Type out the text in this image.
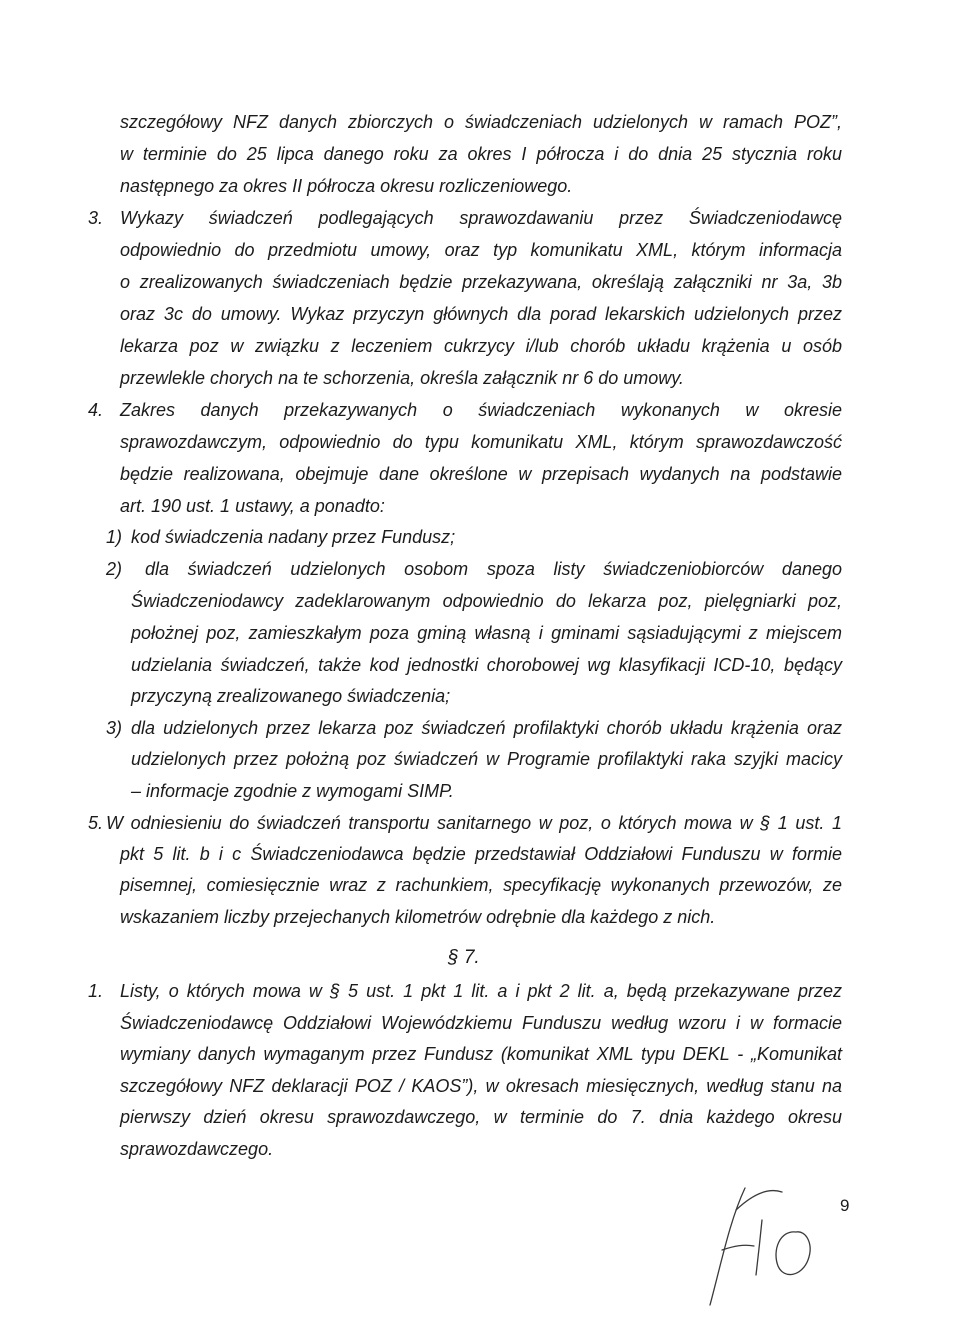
szczegółowy NFZ danych zbiorczych o świadczeniach udzielonych w ramach POZ”,
w terminie do 25 lipca danego roku za okres I półrocza i do dnia 25 stycznia roku
następnego za okres II półrocza okresu rozliczeniowego.
3. Wykazy świadczeń podlegających sprawozdawaniu przez Świadczeniodawcę
odpowiednio do przedmiotu umowy, oraz typ komunikatu XML, którym informacja
o zrealizowanych świadczeniach będzie przekazywana, określają załączniki nr 3a, 3b
oraz 3c do umowy. Wykaz przyczyn głównych dla porad lekarskich udzielonych przez
lekarza poz w związku z leczeniem cukrzycy i/lub chorób układu krążenia u osób
przewlekle chorych na te schorzenia, określa załącznik nr 6 do umowy.
4. Zakres danych przekazywanych o świadczeniach wykonanych w okresie
sprawozdawczym, odpowiednio do typu komunikatu XML, którym sprawozdawczość
będzie realizowana, obejmuje dane określone w przepisach wydanych na podstawie
art. 190 ust. 1 ustawy, a ponadto:
1) kod świadczenia nadany przez Fundusz;
2) dla świadczeń udzielonych osobom spoza listy świadczeniobiorców danego
Świadczeniodawcy zadeklarowanym odpowiednio do lekarza poz, pielęgniarki poz,
położnej poz, zamieszkałym poza gminą własną i gminami sąsiadującymi z miejscem
udzielania świadczeń, także kod jednostki chorobowej wg klasyfikacji ICD-10, będący
przyczyną zrealizowanego świadczenia;
3) dla udzielonych przez lekarza poz świadczeń profilaktyki chorób układu krążenia oraz
udzielonych przez położną poz świadczeń w Programie profilaktyki raka szyjki macicy
– informacje zgodnie z wymogami SIMP.
5. W odniesieniu do świadczeń transportu sanitarnego w poz, o których mowa w § 1 ust. 1
pkt 5 lit. b i c Świadczeniodawca będzie przedstawiał Oddziałowi Funduszu w formie
pisemnej, comiesięcznie wraz z rachunkiem, specyfikację wykonanych przewozów, ze
wskazaniem liczby przejechanych kilometrów odrębnie dla każdego z nich.
§ 7.
1. Listy, o których mowa w § 5 ust. 1 pkt 1 lit. a i pkt 2 lit. a, będą przekazywane przez
Świadczeniodawcę Oddziałowi Wojewódzkiemu Funduszu według wzoru i w formacie
wymiany danych wymaganym przez Fundusz (komunikat XML typu DEKL - „Komunikat
szczegółowy NFZ deklaracji POZ / KAOS”), w okresach miesięcznych, według stanu na
pierwszy dzień okresu sprawozdawczego, w terminie do 7. dnia każdego okresu
sprawozdawczego.
9
